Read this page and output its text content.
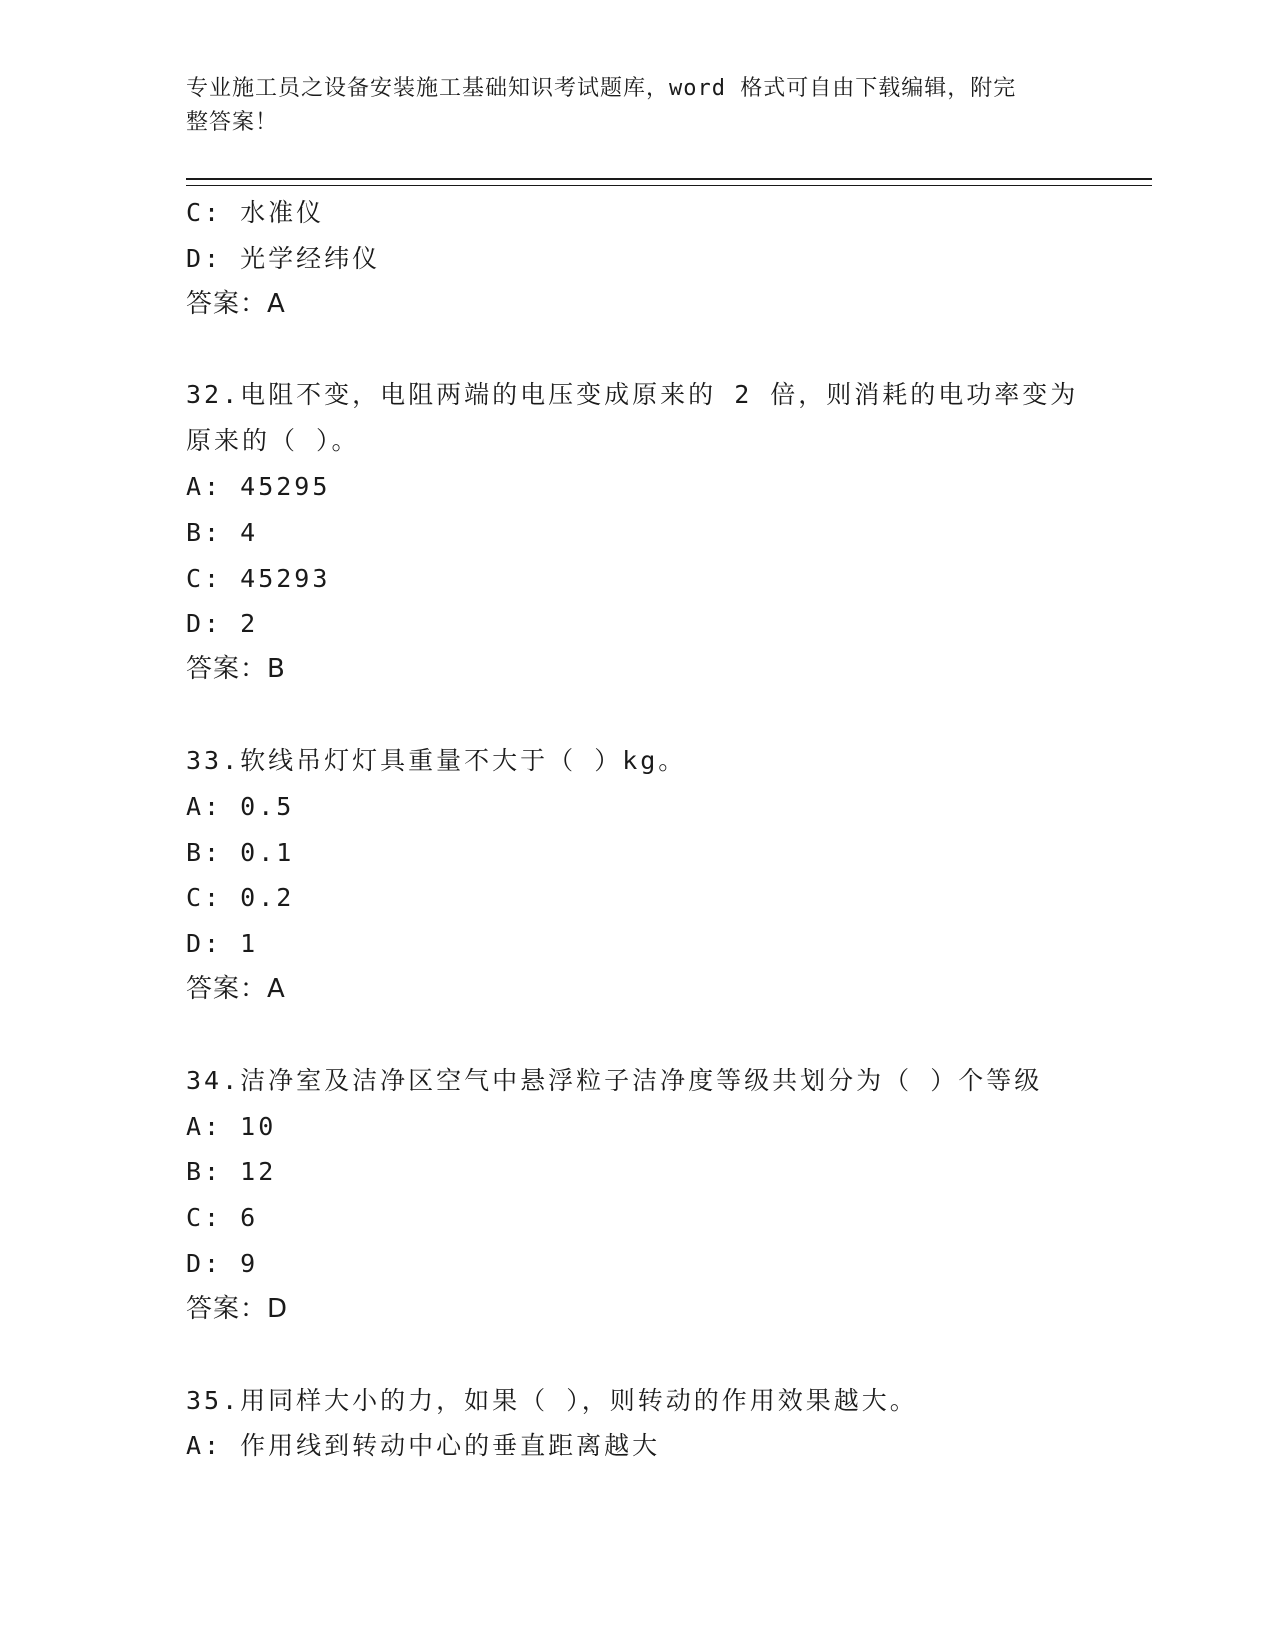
专业施工员之设备安装施工基础知识考试题库，word 格式可自由下载编辑，附完
整答案！
C: 水准仪
D: 光学经纬仪
答案：A
32.电阻不变，电阻两端的电压变成原来的 2 倍，则消耗的电功率变为
原来的（ ）。
A: 45295
B: 4
C: 45293
D: 2
答案：B
33.软线吊灯灯具重量不大于（ ）kg。
A: 0.5
B: 0.1
C: 0.2
D: 1
答案：A
34.洁净室及洁净区空气中悬浮粒子洁净度等级共划分为（ ）个等级
A: 10
B: 12
C: 6
D: 9
答案：D
35.用同样大小的力，如果（ ），则转动的作用效果越大。
A: 作用线到转动中心的垂直距离越大
